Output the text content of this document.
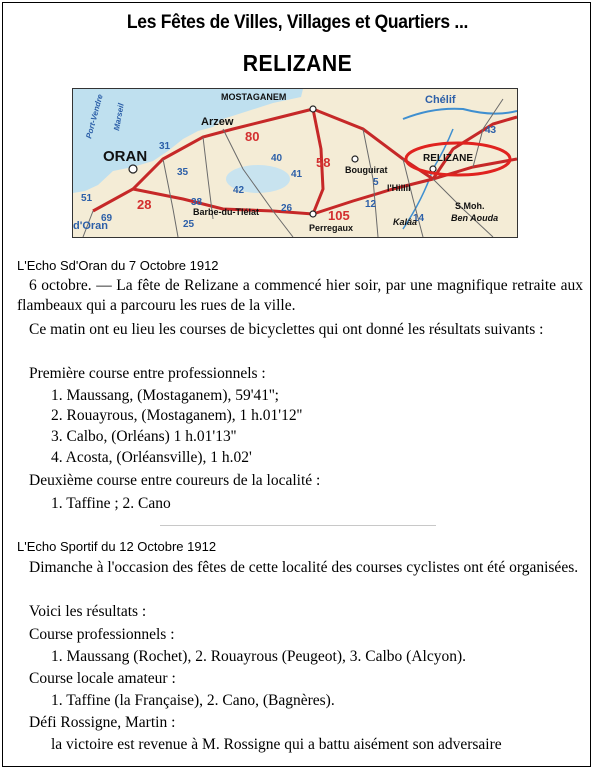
Les Fêtes de Villes, Villages et Quartiers ...
RELIZANE
80
58
105
28
69
25
40
41
43
51	38
31
35
42
26	12
5
14
MOSTAGANEM
Arzew
ORAN	RELIZANE
Bouguirat
Barbe-du-Tlélat
Perregaux
l'Hillil
Kalâa
S.Moh.
Ben Aouda
d'Oran
Chélif
Port-Vendre Marseil
L'Echo Sd'Oran du 7 Octobre 1912
6 octobre. — La fête de Relizane a commencé hier soir, par une magnifique retraite aux flambeaux qui a parcouru les rues de la ville.
Ce matin ont eu lieu les courses de bicyclettes qui ont donné les résultats suivants :
Première course entre professionnels :
1. Maussang, (Mostaganem), 59'41'';
2. Rouayrous, (Mostaganem), 1 h.01'12''
3. Calbo, (Orléans) 1 h.01'13''
4. Acosta, (Orléansville), 1 h.02'
Deuxième course entre coureurs de la localité :
1. Taffine ; 2. Cano
L'Echo Sportif du 12 Octobre 1912
Dimanche à l'occasion des fêtes de cette localité des courses cyclistes ont été organisées.
Voici les résultats :
Course professionnels :
1. Maussang (Rochet), 2. Rouayrous (Peugeot), 3. Calbo (Alcyon).
Course locale amateur :
1. Taffine (la Française), 2. Cano, (Bagnères).
Défi Rossigne, Martin :
la victoire est revenue à M. Rossigne qui a battu aisément son adversaire
